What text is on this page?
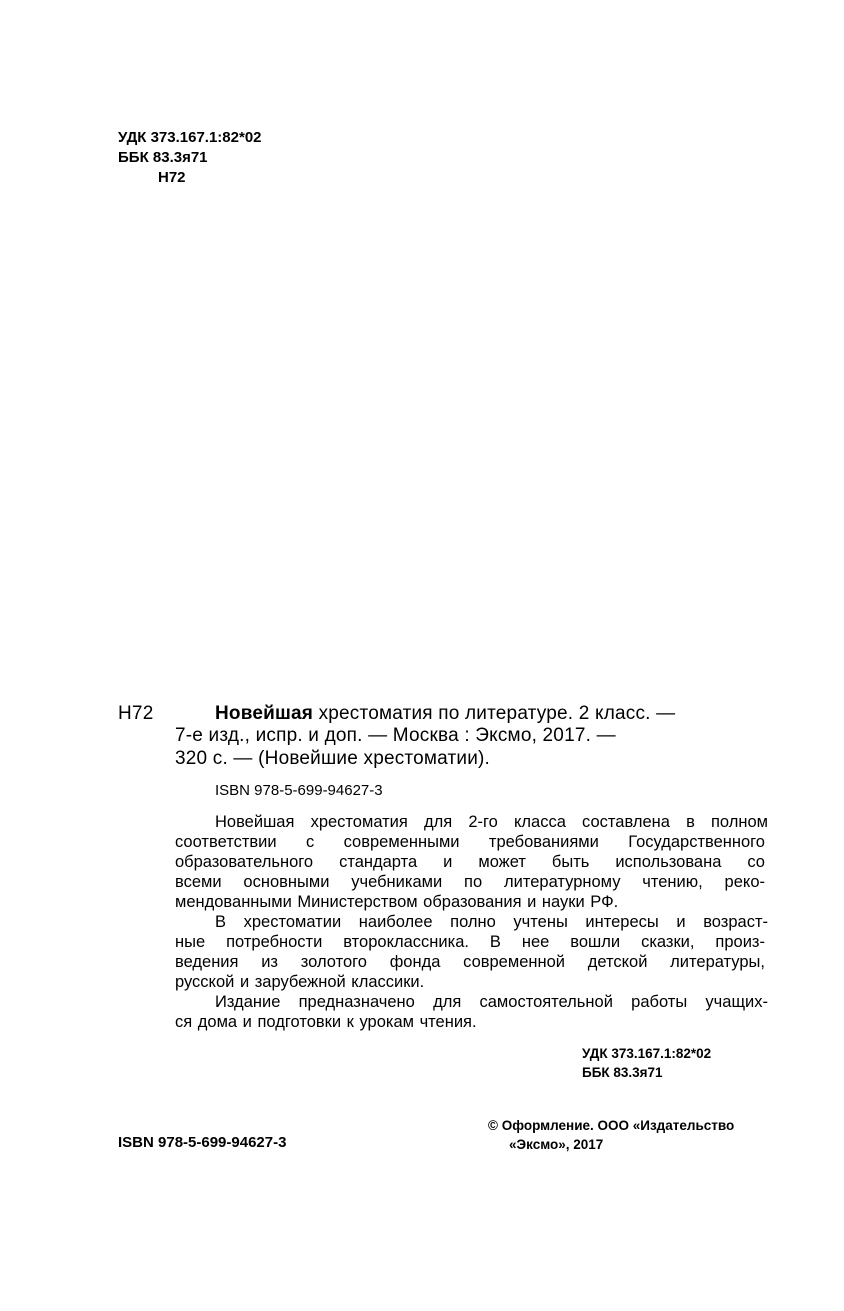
УДК 373.167.1:82*02
ББК 83.3я71
Н72
Н72	Новейшая хрестоматия по литературе. 2 класс. —
7-е изд., испр. и доп. — Москва : Эксмо, 2017. —
320 с. — (Новейшие хрестоматии).
ISBN 978-5-699-94627-3
Новейшая хрестоматия для 2-го класса составлена в полном
соответствии с современными требованиями Государственного
образовательного стандарта и может быть использована со
всеми основными учебниками по литературному чтению, реко-
мендованными Министерством образования и науки РФ.
В хрестоматии наиболее полно учтены интересы и возраст-
ные потребности второклассника. В нее вошли сказки, произ-
ведения из золотого фонда современной детской литературы,
русской и зарубежной классики.
Издание предназначено для самостоятельной работы учащих-
ся дома и подготовки к урокам чтения.
УДК 373.167.1:82*02
ББК 83.3я71
ISBN 978-5-699-94627-3
© Оформление. ООО «Издательство
«Эксмо», 2017
